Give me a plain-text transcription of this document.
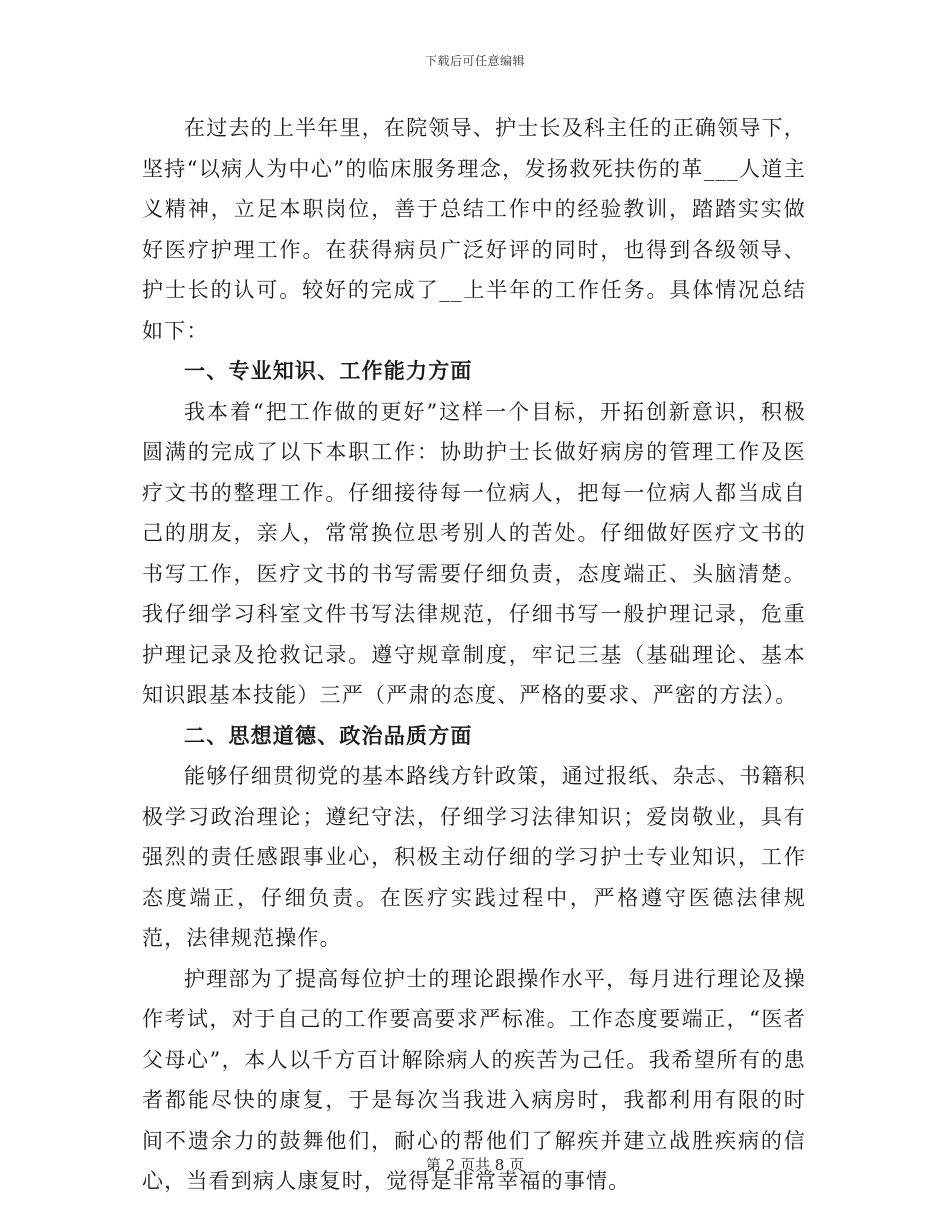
下载后可任意编辑

在过去的上半年里，在院领导、护士长及科主任的正确领导下，坚持“以病人为中心”的临床服务理念，发扬救死扶伤的革___人道主义精神，立足本职岗位，善于总结工作中的经验教训，踏踏实实做好医疗护理工作。在获得病员广泛好评的同时，也得到各级领导、护士长的认可。较好的完成了__上半年的工作任务。具体情况总结如下：

一、专业知识、工作能力方面

我本着“把工作做的更好”这样一个目标，开拓创新意识，积极圆满的完成了以下本职工作：协助护士长做好病房的管理工作及医疗文书的整理工作。仔细接待每一位病人，把每一位病人都当成自己的朋友，亲人，常常换位思考别人的苦处。仔细做好医疗文书的书写工作，医疗文书的书写需要仔细负责，态度端正、头脑清楚。我仔细学习科室文件书写法律规范，仔细书写一般护理记录，危重护理记录及抢救记录。遵守规章制度，牢记三基（基础理论、基本知识跟基本技能）三严（严肃的态度、严格的要求、严密的方法）。

二、思想道德、政治品质方面

能够仔细贯彻党的基本路线方针政策，通过报纸、杂志、书籍积极学习政治理论；遵纪守法，仔细学习法律知识；爱岗敬业，具有强烈的责任感跟事业心，积极主动仔细的学习护士专业知识，工作态度端正，仔细负责。在医疗实践过程中，严格遵守医德法律规范，法律规范操作。

护理部为了提高每位护士的理论跟操作水平，每月进行理论及操作考试，对于自己的工作要高要求严标准。工作态度要端正，“医者父母心”，本人以千方百计解除病人的疾苦为己任。我希望所有的患者都能尽快的康复，于是每次当我进入病房时，我都利用有限的时间不遗余力的鼓舞他们，耐心的帮他们了解疾并建立战胜疾病的信心，当看到病人康复时，觉得是非常幸福的事情。

第 2 页共 8 页
